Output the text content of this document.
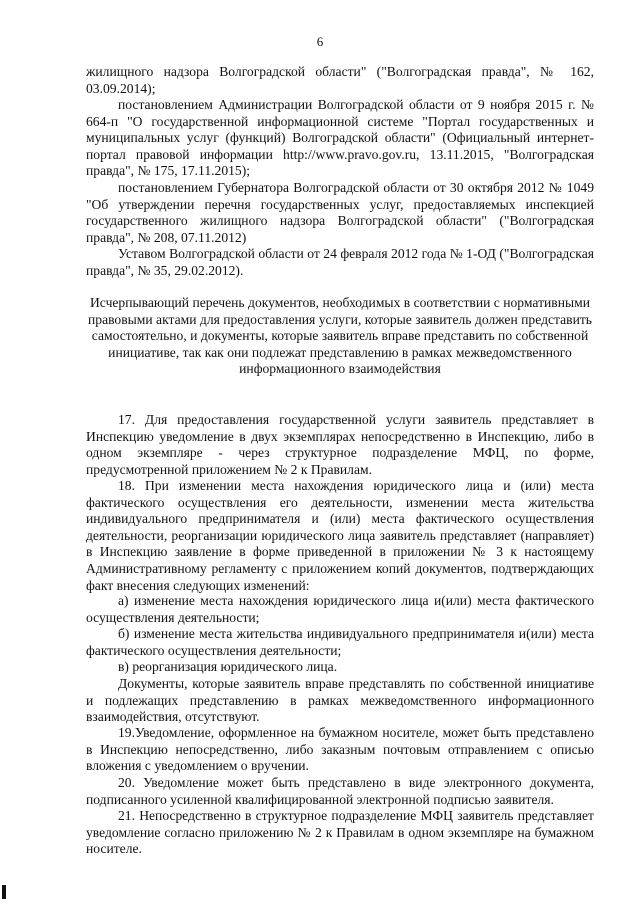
6

жилищного надзора Волгоградской области" ("Волгоградская правда", № 162, 03.09.2014);

постановлением Администрации Волгоградской области от 9 ноября 2015 г. № 664-п "О государственной информационной системе "Портал государственных и муниципальных услуг (функций) Волгоградской области" (Официальный интернет-портал правовой информации http://www.pravo.gov.ru, 13.11.2015, "Волгоградская правда", № 175, 17.11.2015);

постановлением Губернатора Волгоградской области от 30 октября 2012 № 1049 "Об утверждении перечня государственных услуг, предоставляемых инспекцией государственного жилищного надзора Волгоградской области" ("Волгоградская правда", № 208, 07.11.2012)

Уставом Волгоградской области от 24 февраля 2012 года № 1-ОД ("Волгоградская правда", № 35, 29.02.2012).

Исчерпывающий перечень документов, необходимых в соответствии с нормативными правовыми актами для предоставления услуги, которые заявитель должен представить самостоятельно, и документы, которые заявитель вправе представить по собственной инициативе, так как они подлежат представлению в рамках межведомственного информационного взаимодействия

17. Для предоставления государственной услуги заявитель представляет в Инспекцию уведомление в двух экземплярах непосредственно в Инспекцию, либо в одном экземпляре - через структурное подразделение МФЦ, по форме, предусмотренной приложением № 2 к Правилам.

18. При изменении места нахождения юридического лица и (или) места фактического осуществления его деятельности, изменении места жительства индивидуального предпринимателя и (или) места фактического осуществления деятельности, реорганизации юридического лица заявитель представляет (направляет) в Инспекцию заявление в форме приведенной в приложении № 3 к настоящему Административному регламенту с приложением копий документов, подтверждающих факт внесения следующих изменений:

а) изменение места нахождения юридического лица и(или) места фактического осуществления деятельности;

б) изменение места жительства индивидуального предпринимателя и(или) места фактического осуществления деятельности;

в) реорганизация юридического лица.

Документы, которые заявитель вправе представлять по собственной инициативе и подлежащих представлению в рамках межведомственного информационного взаимодействия, отсутствуют.

19.Уведомление, оформленное на бумажном носителе, может быть представлено в Инспекцию непосредственно, либо заказным почтовым отправлением с описью вложения с уведомлением о вручении.

20. Уведомление может быть представлено в виде электронного документа, подписанного усиленной квалифицированной электронной подписью заявителя.

21. Непосредственно в структурное подразделение МФЦ заявитель представляет уведомление согласно приложению № 2 к Правилам в одном экземпляре на бумажном носителе.
